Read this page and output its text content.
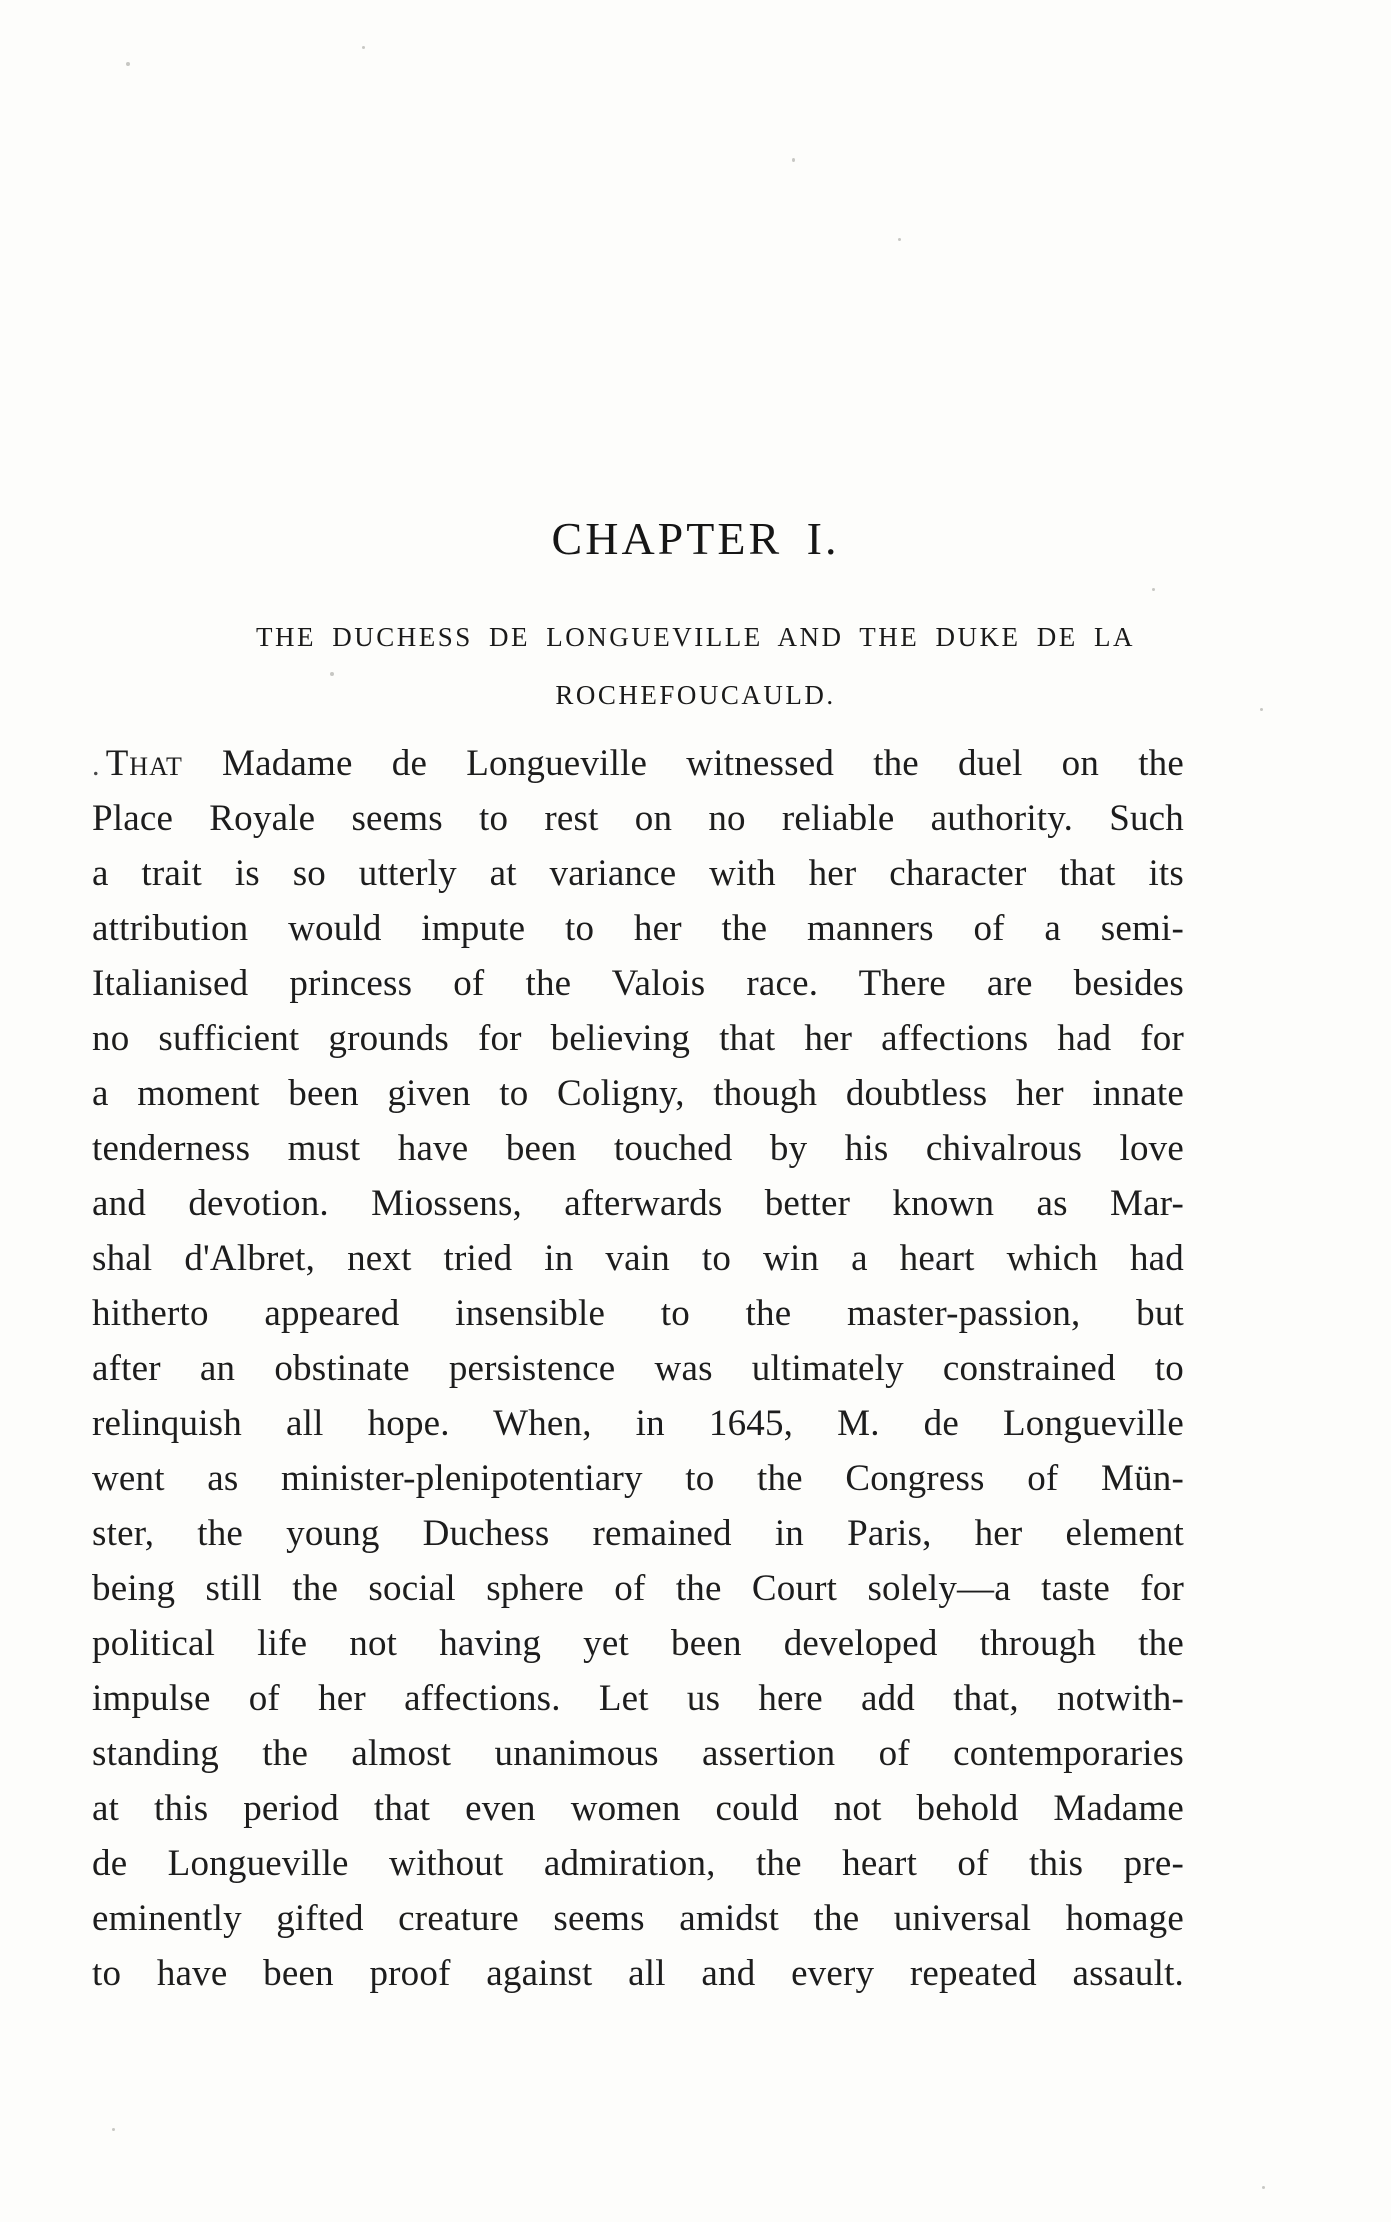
CHAPTER I.
THE DUCHESS DE LONGUEVILLE AND THE DUKE DE LA
ROCHEFOUCAULD.
. That Madame de Longueville witnessed the duel on the
Place Royale seems to rest on no reliable authority. Such
a trait is so utterly at variance with her character that its
attribution would impute to her the manners of a semi-
Italianised princess of the Valois race. There are besides
no sufficient grounds for believing that her affections had for
a moment been given to Coligny, though doubtless her innate
tenderness must have been touched by his chivalrous love
and devotion. Miossens, afterwards better known as Mar-
shal d'Albret, next tried in vain to win a heart which had
hitherto appeared insensible to the master-passion, but
after an obstinate persistence was ultimately constrained to
relinquish all hope. When, in 1645, M. de Longueville
went as minister-plenipotentiary to the Congress of Mün-
ster, the young Duchess remained in Paris, her element
being still the social sphere of the Court solely—a taste for
political life not having yet been developed through the
impulse of her affections. Let us here add that, notwith-
standing the almost unanimous assertion of contemporaries
at this period that even women could not behold Madame
de Longueville without admiration, the heart of this pre-
eminently gifted creature seems amidst the universal homage
to have been proof against all and every repeated assault.
